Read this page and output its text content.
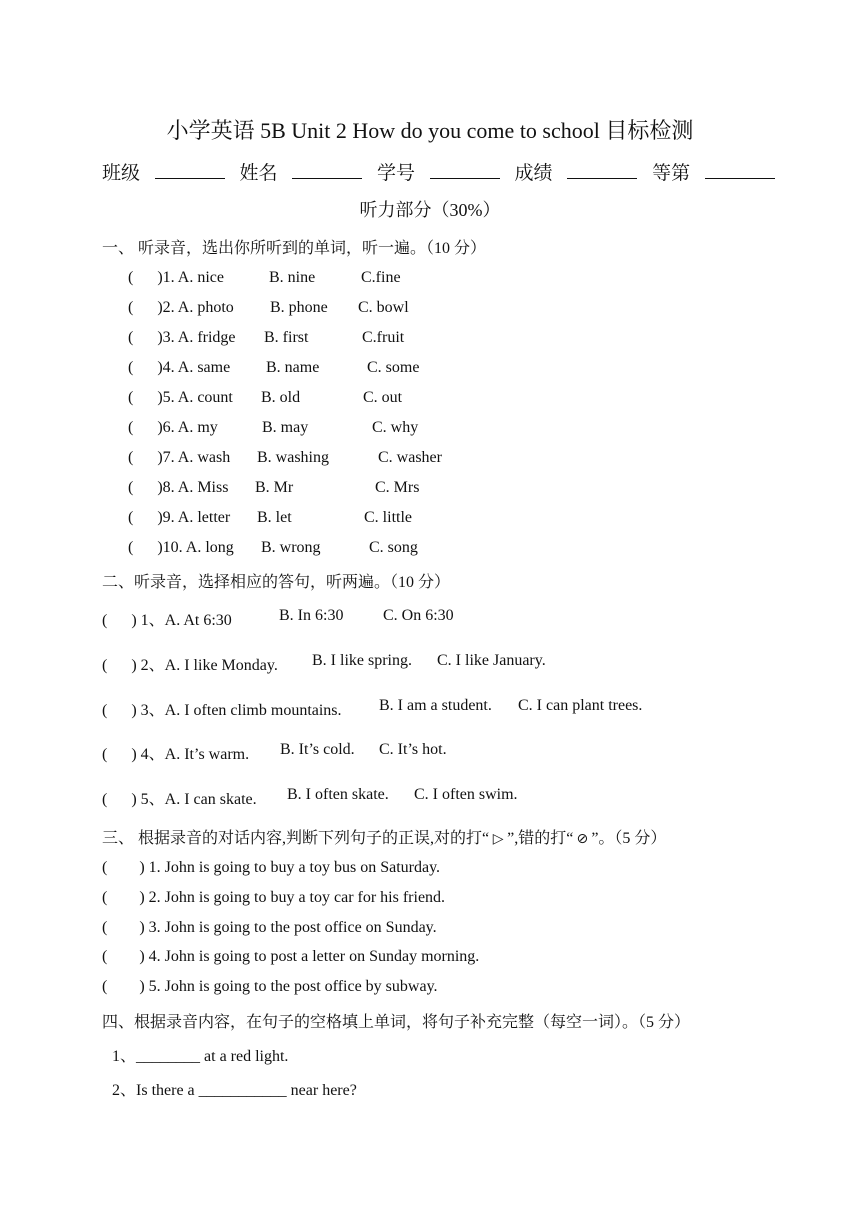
小学英语 5B Unit 2 How do you come to school 目标检测
班级	姓名	学号	成绩	等第
听力部分（30%）
一、 听录音，选出你所听到的单词，听一遍。（10 分）
(      )1. A. nice	B. nine	C.fine
(      )2. A. photo B. phone C. bowl
(      )3. A. fridge B. first	C.fruit
(      )4. A. same B. name	C. some
(      )5. A. count B. old	C. out
(      )6. A. my	B. may	C. why
(      )7. A. wash B. washing	C. washer
(      )8. A. Miss B. Mr	C. Mrs
(      )9. A. letter B. let	C. little
(      )10. A. long B. wrong	C. song
二、听录音，选择相应的答句，听两遍。（10 分）
(      ) 1、A. At 6:30	B. In 6:30 C. On 6:30
(      ) 2、A. I like Monday. B. I like spring. C. I like January.
(      ) 3、A. I often climb mountains. B. I am a student. C. I can plant trees.
(      ) 4、A. It’s warm. B. It’s cold. C. It’s hot.
(      ) 5、A. I can skate. B. I often skate. C. I often swim.
三、 根据录音的对话内容,判断下列句子的正误,对的打“ ▷ ”,错的打“ ⊘ ”。（5 分）
(        ) 1. John is going to buy a toy bus on Saturday.
(        ) 2. John is going to buy a toy car for his friend.
(        ) 3. John is going to the post office on Sunday.
(        ) 4. John is going to post a letter on Sunday morning.
(        ) 5. John is going to the post office by subway.
四、根据录音内容，在句子的空格填上单词，将句子补充完整（每空一词）。（5 分）
1、________ at a red light.
2、Is there a ___________ near here?
